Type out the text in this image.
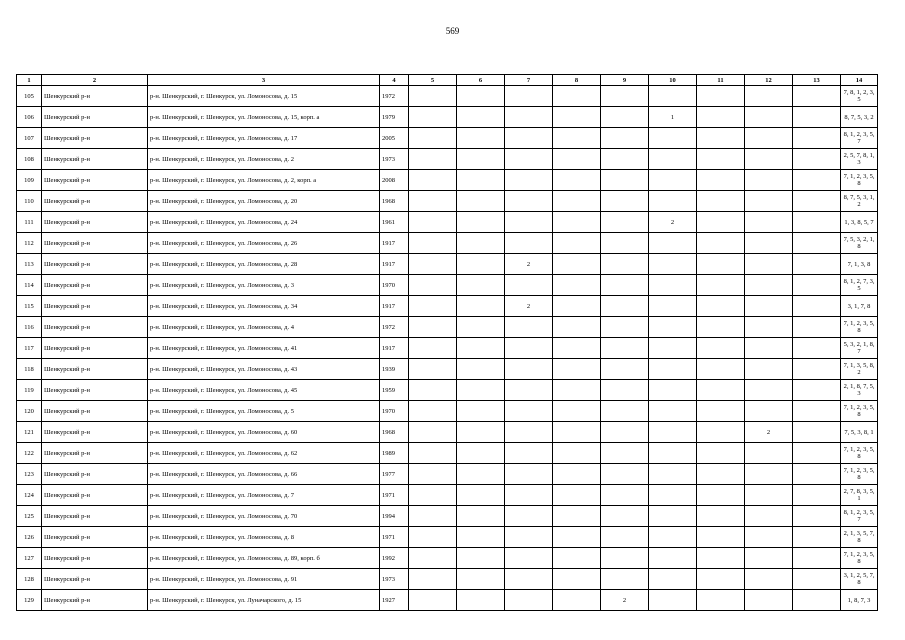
569
1	2	3	4	5	6	7	8	9	10	11	12	13	14
105	Шенкурский р-н	р-н. Шенкурский, г. Шенкурск, ул. Ломоносова, д. 15	1972										7, 8, 1, 2, 3, 5
106	Шенкурский р-н	р-н. Шенкурский, г. Шенкурск, ул. Ломоносова, д. 15, корп. а	1979						1				8, 7, 5, 3, 2
107	Шенкурский р-н	р-н. Шенкурский, г. Шенкурск, ул. Ломоносова, д. 17	2005										8, 1, 2, 3, 5, 7
108	Шенкурский р-н	р-н. Шенкурский, г. Шенкурск, ул. Ломоносова, д. 2	1973										2, 5, 7, 8, 1, 3
109	Шенкурский р-н	р-н. Шенкурский, г. Шенкурск, ул. Ломоносова, д. 2, корп. а	2008										7, 1, 2, 3, 5, 8
110	Шенкурский р-н	р-н. Шенкурский, г. Шенкурск, ул. Ломоносова, д. 20	1968										8, 7, 5, 3, 1, 2
111	Шенкурский р-н	р-н. Шенкурский, г. Шенкурск, ул. Ломоносова, д. 24	1961						2				1, 3, 8, 5, 7
112	Шенкурский р-н	р-н. Шенкурский, г. Шенкурск, ул. Ломоносова, д. 26	1917										7, 5, 3, 2, 1, 8
113	Шенкурский р-н	р-н. Шенкурский, г. Шенкурск, ул. Ломоносова, д. 28	1917			2							7, 1, 3, 8
114	Шенкурский р-н	р-н. Шенкурский, г. Шенкурск, ул. Ломоносова, д. 3	1970										8, 1, 2, 7, 3, 5
115	Шенкурский р-н	р-н. Шенкурский, г. Шенкурск, ул. Ломоносова, д. 34	1917			2							3, 1, 7, 8
116	Шенкурский р-н	р-н. Шенкурский, г. Шенкурск, ул. Ломоносова, д. 4	1972										7, 1, 2, 3, 5, 8
117	Шенкурский р-н	р-н. Шенкурский, г. Шенкурск, ул. Ломоносова, д. 41	1917										5, 3, 2, 1, 8, 7
118	Шенкурский р-н	р-н. Шенкурский, г. Шенкурск, ул. Ломоносова, д. 43	1939										7, 1, 3, 5, 8, 2
119	Шенкурский р-н	р-н. Шенкурский, г. Шенкурск, ул. Ломоносова, д. 45	1959										2, 1, 8, 7, 5, 3
120	Шенкурский р-н	р-н. Шенкурский, г. Шенкурск, ул. Ломоносова, д. 5	1970										7, 1, 2, 3, 5, 8
121	Шенкурский р-н	р-н. Шенкурский, г. Шенкурск, ул. Ломоносова, д. 60	1968								2		7, 5, 3, 8, 1
122	Шенкурский р-н	р-н. Шенкурский, г. Шенкурск, ул. Ломоносова, д. 62	1989										7, 1, 2, 3, 5, 8
123	Шенкурский р-н	р-н. Шенкурский, г. Шенкурск, ул. Ломоносова, д. 66	1977										7, 1, 2, 3, 5, 8
124	Шенкурский р-н	р-н. Шенкурский, г. Шенкурск, ул. Ломоносова, д. 7	1971										2, 7, 8, 3, 5, 1
125	Шенкурский р-н	р-н. Шенкурский, г. Шенкурск, ул. Ломоносова, д. 70	1994										8, 1, 2, 3, 5, 7
126	Шенкурский р-н	р-н. Шенкурский, г. Шенкурск, ул. Ломоносова, д. 8	1971										2, 1, 3, 5, 7, 8
127	Шенкурский р-н	р-н. Шенкурский, г. Шенкурск, ул. Ломоносова, д. 89, корп. б	1992										7, 1, 2, 3, 5, 8
128	Шенкурский р-н	р-н. Шенкурский, г. Шенкурск, ул. Ломоносова, д. 91	1973										3, 1, 2, 5, 7, 8
129	Шенкурский р-н	р-н. Шенкурский, г. Шенкурск, ул. Луначарского, д. 15	1927					2					1, 8, 7, 3
